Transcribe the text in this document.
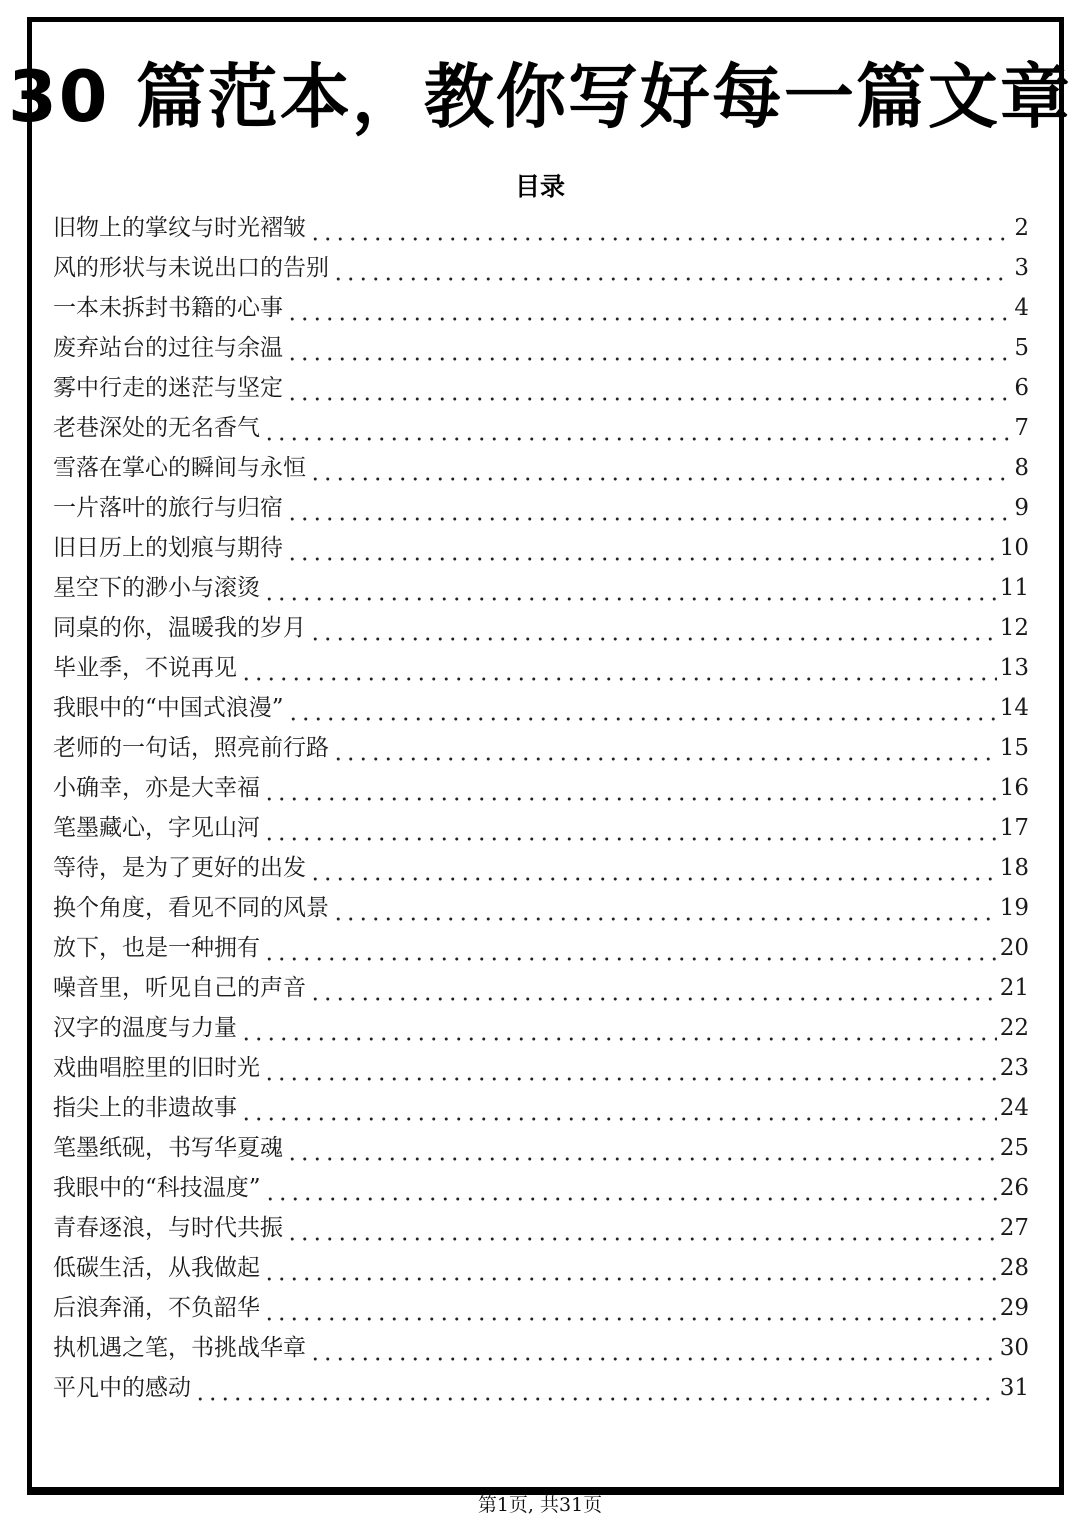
30 篇范本，教你写好每一篇文章
目录
旧物上的掌纹与时光褶皱	2
风的形状与未说出口的告别	3
一本未拆封书籍的心事	4
废弃站台的过往与余温	5
雾中行走的迷茫与坚定	6
老巷深处的无名香气	7
雪落在掌心的瞬间与永恒	8
一片落叶的旅行与归宿	9
旧日历上的划痕与期待	10
星空下的渺小与滚烫	11
同桌的你，温暖我的岁月	12
毕业季，不说再见	13
我眼中的“中国式浪漫”	14
老师的一句话，照亮前行路	15
小确幸，亦是大幸福	16
笔墨藏心，字见山河	17
等待，是为了更好的出发	18
换个角度，看见不同的风景	19
放下，也是一种拥有	20
噪音里，听见自己的声音	21
汉字的温度与力量	22
戏曲唱腔里的旧时光	23
指尖上的非遗故事	24
笔墨纸砚，书写华夏魂	25
我眼中的“科技温度”	26
青春逐浪，与时代共振	27
低碳生活，从我做起	28
后浪奔涌，不负韶华	29
执机遇之笔，书挑战华章	30
平凡中的感动	31
第1页, 共31页
